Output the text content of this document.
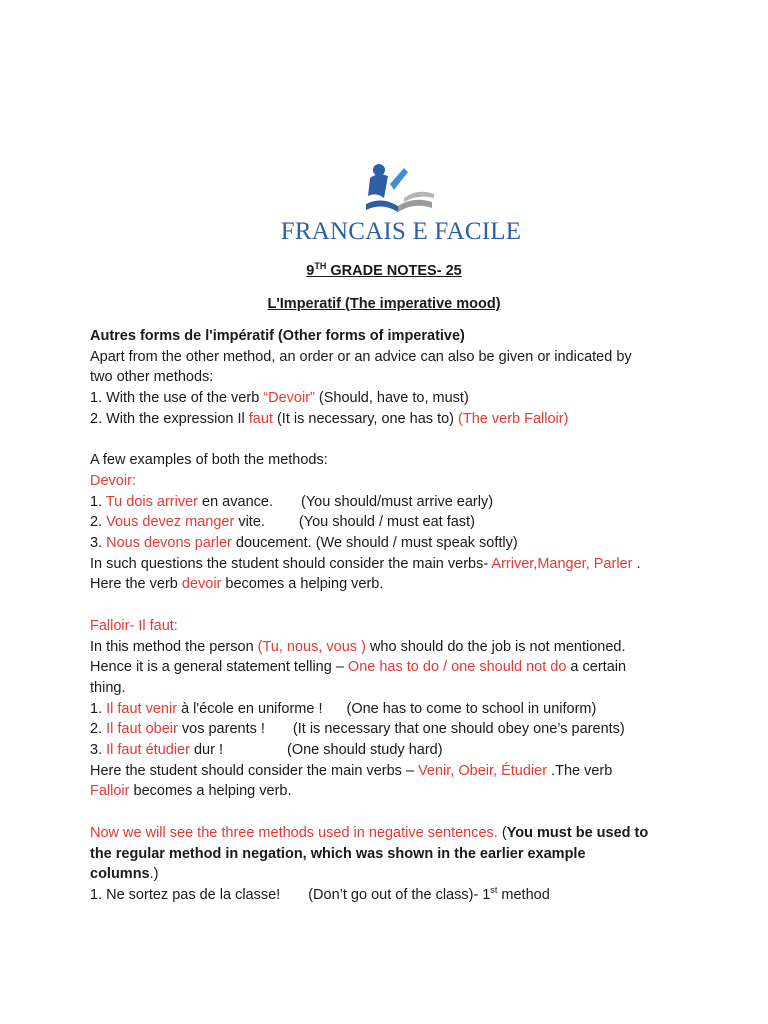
FRANCAIS E FACILE
9TH GRADE NOTES- 25
L'Imperatif (The imperative mood)
Autres forms de l'impératif (Other forms of imperative)
Apart from the other method, an order or an advice can also be given or indicated by
two other methods:
1. With the use of the verb “Devoir” (Should, have to, must)
2. With the expression Il faut (It is necessary, one has to) (The verb Falloir)
A few examples of both the methods:
Devoir:
1. Tu dois arriver en avance. (You should/must arrive early)
2. Vous devez manger vite. (You should / must eat fast)
3. Nous devons parler doucement. (We should / must speak softly)
In such questions the student should consider the main verbs- Arriver,Manger, Parler .
Here the verb devoir becomes a helping verb.
Falloir- Il faut:
In this method the person (Tu, nous, vous ) who should do the job is not mentioned.
Hence it is a general statement telling – One has to do / one should not do a certain
thing.
1. Il faut venir à l'école en uniforme ! (One has to come to school in uniform)
2. Il faut obeir vos parents ! (It is necessary that one should obey one’s parents)
3. Il faut étudier dur !	(One should study hard)
Here the student should consider the main verbs – Venir, Obeir, Étudier .The verb
Falloir becomes a helping verb.
Now we will see the three methods used in negative sentences. (You must be used to
the regular method in negation, which was shown in the earlier example
columns.)
1. Ne sortez pas de la classe! (Don’t go out of the class)- 1st method
